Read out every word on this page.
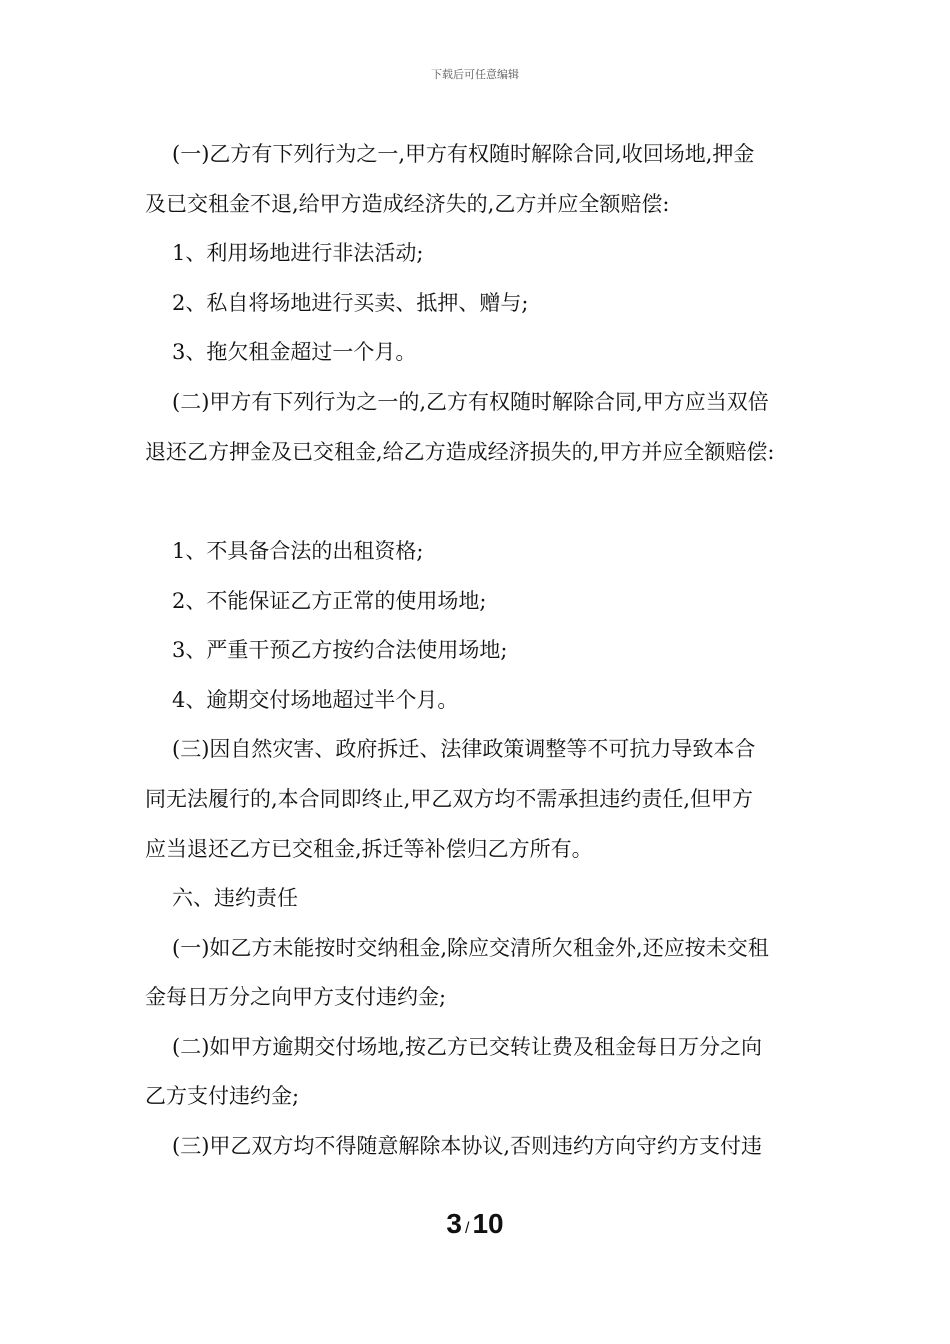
下载后可任意编辑
(一)乙方有下列行为之一,甲方有权随时解除合同,收回场地,押金
及已交租金不退,给甲方造成经济失的,乙方并应全额赔偿:
1、利用场地进行非法活动;
2、私自将场地进行买卖、抵押、赠与;
3、拖欠租金超过一个月。
(二)甲方有下列行为之一的,乙方有权随时解除合同,甲方应当双倍
退还乙方押金及已交租金,给乙方造成经济损失的,甲方并应全额赔偿:
1、不具备合法的出租资格;
2、不能保证乙方正常的使用场地;
3、严重干预乙方按约合法使用场地;
4、逾期交付场地超过半个月。
(三)因自然灾害、政府拆迁、法律政策调整等不可抗力导致本合
同无法履行的,本合同即终止,甲乙双方均不需承担违约责任,但甲方
应当退还乙方已交租金,拆迁等补偿归乙方所有。
六、违约责任
(一)如乙方未能按时交纳租金,除应交清所欠租金外,还应按未交租
金每日万分之向甲方支付违约金;
(二)如甲方逾期交付场地,按乙方已交转让费及租金每日万分之向
乙方支付违约金;
(三)甲乙双方均不得随意解除本协议,否则违约方向守约方支付违
3 / 10
